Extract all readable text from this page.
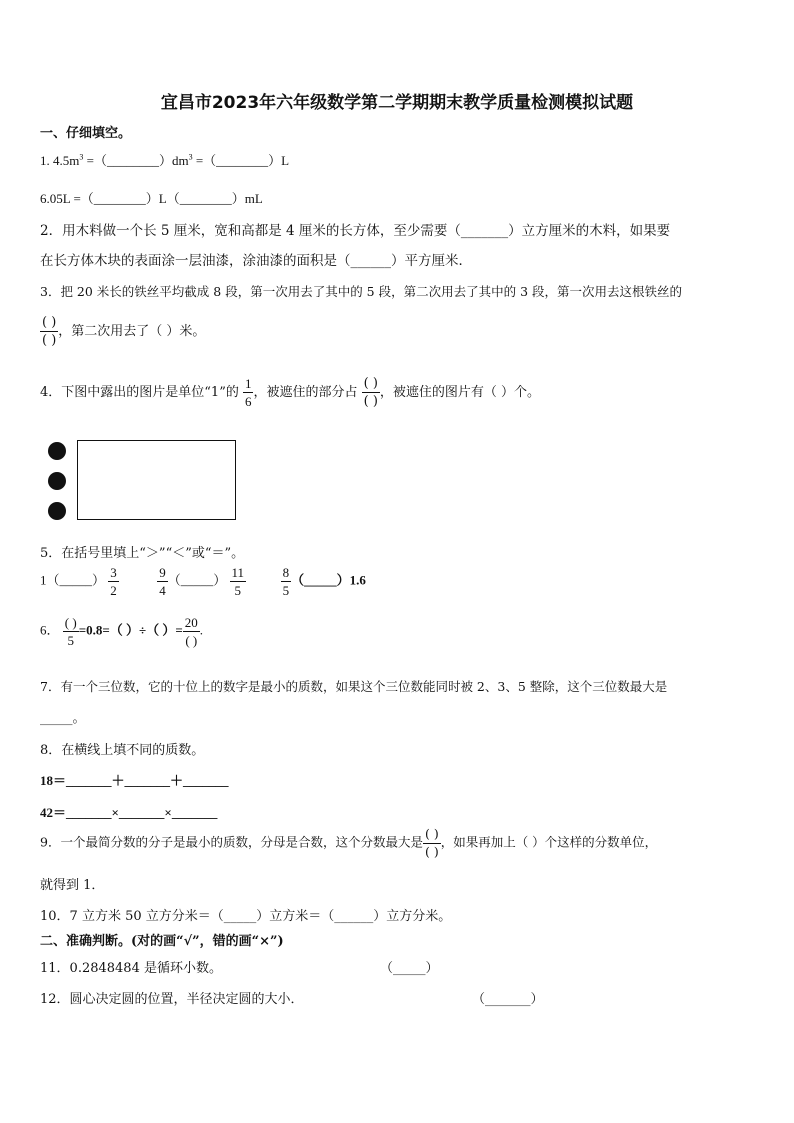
宜昌市2023年六年级数学第二学期期末教学质量检测模拟试题
一、仔细填空。
1. $4.5m^3$ $=(\_\_\_\_\_\_\_\_)dm^3$ =（________）L
6.05L =（________）L（________）mL
2．用木料做一个长 5 厘米，宽和高都是 4 厘米的长方体，至少需要（_______）立方厘米的木料，如果要
在长方体木块的表面涂一层油漆，涂油漆的面积是（______）平方厘米．
3．把 20 米长的铁丝平均截成 8 段，第一次用去了其中的 5 段，第二次用去了其中的 3 段，第一次用去这根铁丝的
$\frac{( )}{( )}$ ，第二次用去了（ ）米。
4．下图中露出的图片是单位“1”的 $\frac{1}{6}$ ，被遮住的部分占 $\frac{( )}{( )}$ ，被遮住的图片有（ ）个。
5．在括号里填上“＞”“＜”或“＝”。
1（_____） $\frac{3}{2}$
	$\frac{9}{4}$ （_____） $\frac{11}{5}$
	$\frac{8}{5}$ （_____）1.6
6． $\frac{( )}{5} =0.8=$（ ）÷（ ）= $\frac{20}{( )}$ .
7．有一个三位数，它的十位上的数字是最小的质数，如果这个三位数能同时被 2、3、5 整除，这个三位数最大是
_____。
8．在横线上填不同的质数。
18＝_______＋_______＋_______
42＝_______×_______×_______
9．一个最简分数的分子是最小的质数，分母是合数，这个分数最大是 $\frac{( )}{( )}$ ，如果再加上（ ）个这样的分数单位，
就得到 1．
10．7 立方米 50 立方分米＝（_____）立方米＝（______）立方分米。
二、准确判断。(对的画“√”，错的画“×”)
11．0.2848484 是循环小数。	（_____）
12．圆心决定圆的位置，半径决定圆的大小．	（_______）
